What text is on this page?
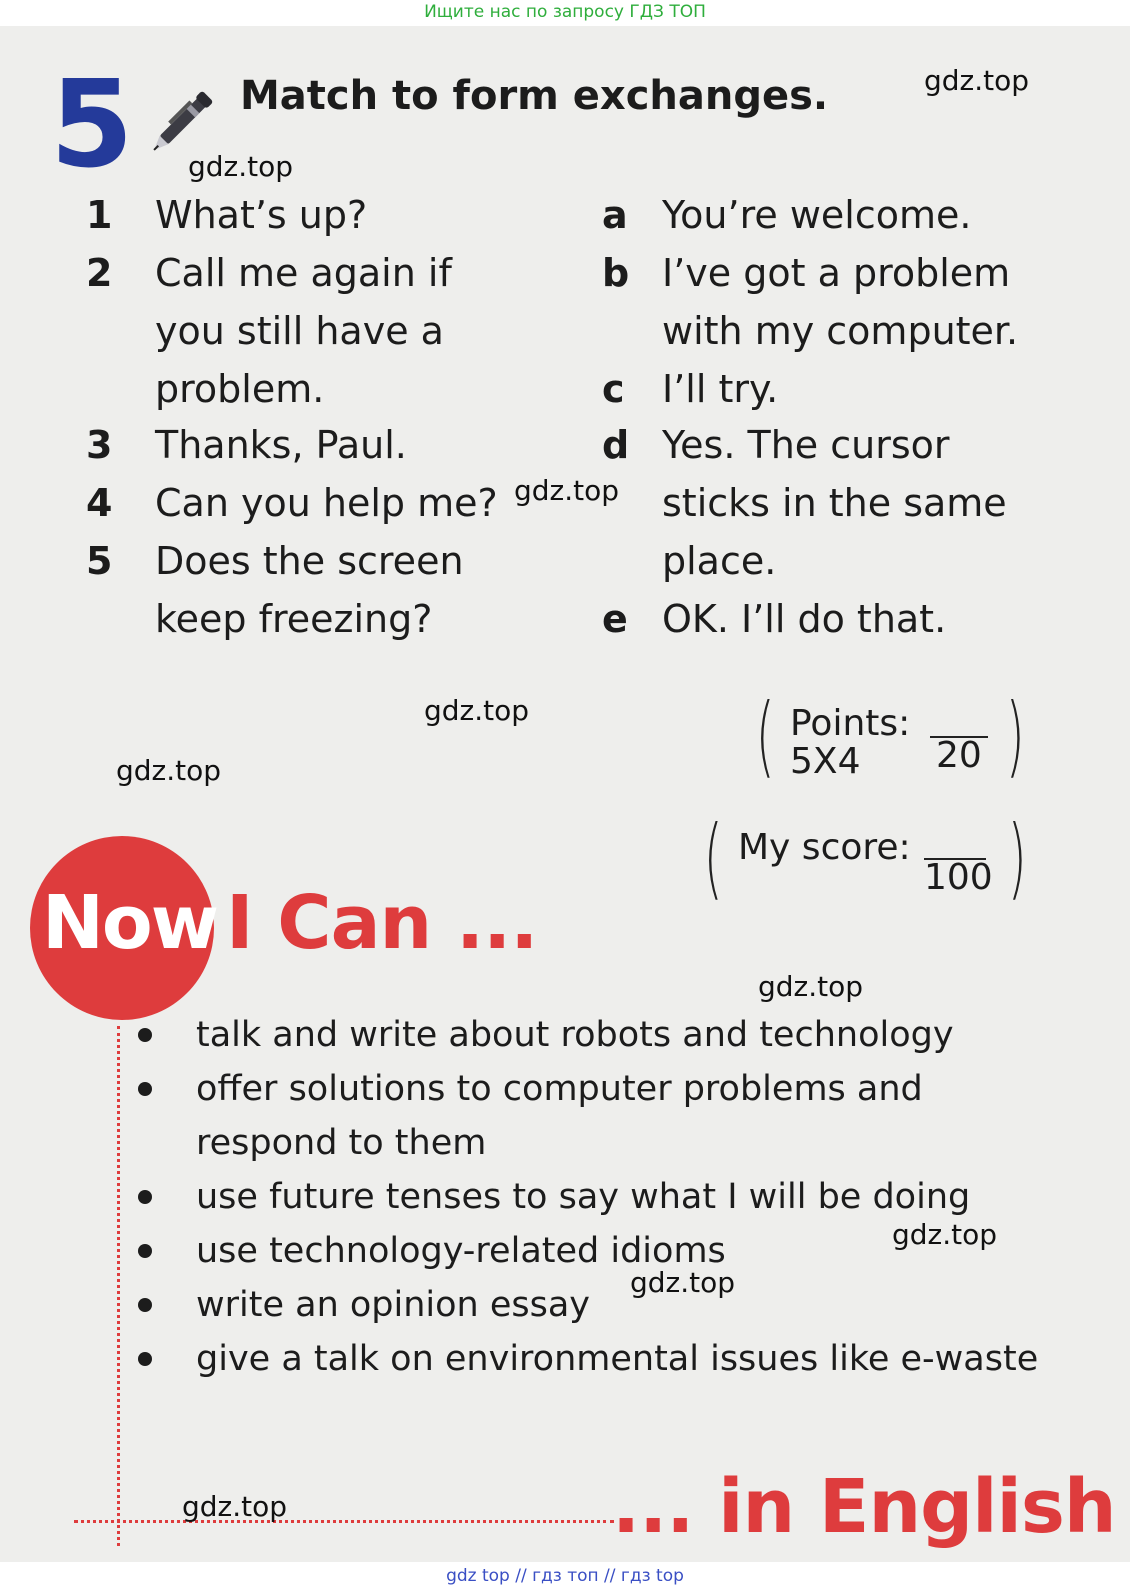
Ищите нас по запросу ГДЗ ТОП
5	Match to form exchanges.	gdz.top
gdz.top
1 What’s up?
2 Call me again if
you still have a
problem.
3 Thanks, Paul.
4 Can you help me?
5 Does the screen
keep freezing?
a You’re welcome.
b I’ve got a problem
with my computer.
c I’ll try.
d Yes. The cursor
sticks in the same
place.
e OK. I’ll do that.
gdz.top
gdz.top
gdz.top	( Points:
5X4 20 )
( My score:
100 )
Now I Can ...
gdz.top
talk and write about robots and technology
offer solutions to computer problems and
respond to them
use future tenses to say what I will be doing
use technology-related idioms
write an opinion essay
give a talk on environmental issues like e-waste
gdz.top
gdz.top
... in English
gdz.top
gdz top // гдз топ // гдз top
